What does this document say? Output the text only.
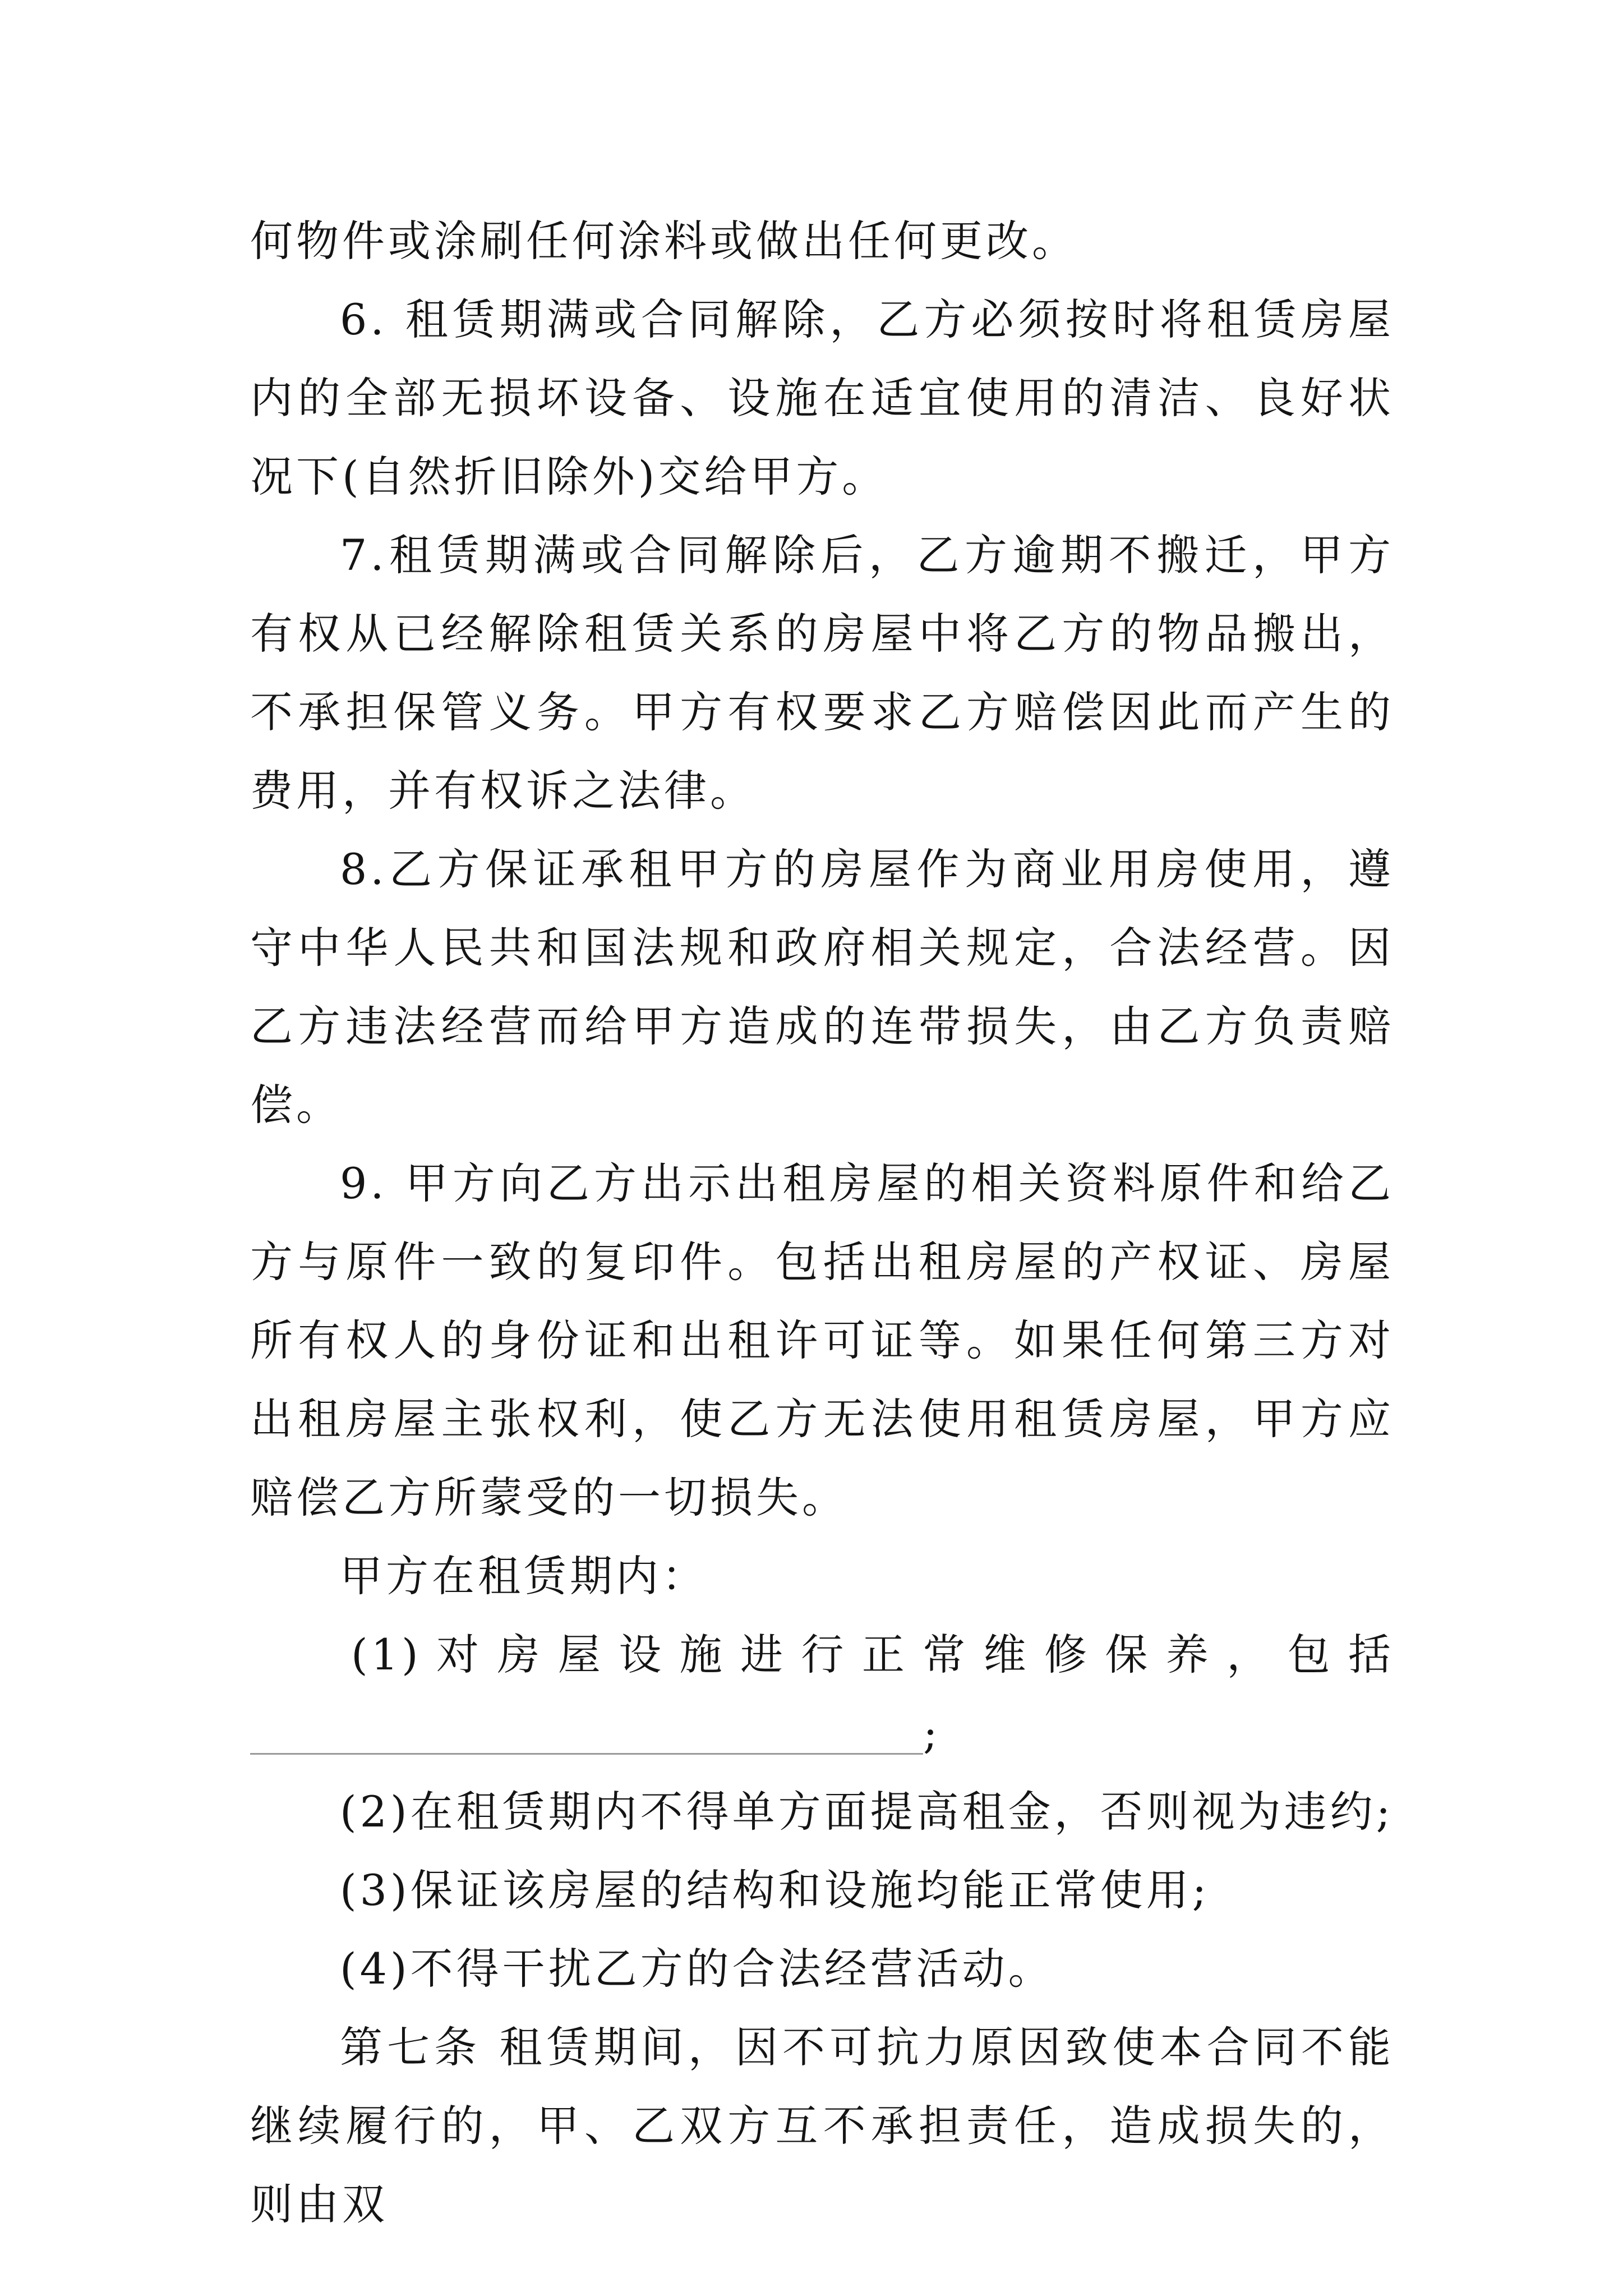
何物件或涂刷任何涂料或做出任何更改。

6. 租赁期满或合同解除，乙方必须按时将租赁房屋内的全部无损坏设备、设施在适宜使用的清洁、良好状况下(自然折旧除外)交给甲方。

7.租赁期满或合同解除后，乙方逾期不搬迁，甲方有权从已经解除租赁关系的房屋中将乙方的物品搬出，不承担保管义务。甲方有权要求乙方赔偿因此而产生的费用，并有权诉之法律。

8.乙方保证承租甲方的房屋作为商业用房使用，遵守中华人民共和国法规和政府相关规定，合法经营。因乙方违法经营而给甲方造成的连带损失，由乙方负责赔偿。

9. 甲方向乙方出示出租房屋的相关资料原件和给乙方与原件一致的复印件。包括出租房屋的产权证、房屋所有权人的身份证和出租许可证等。如果任何第三方对出租房屋主张权利，使乙方无法使用租赁房屋，甲方应赔偿乙方所蒙受的一切损失。

甲方在租赁期内：

(1)对房屋设施进行正常维修保养，包括

;

(2)在租赁期内不得单方面提高租金，否则视为违约;

(3)保证该房屋的结构和设施均能正常使用;

(4)不得干扰乙方的合法经营活动。

第七条 租赁期间，因不可抗力原因致使本合同不能继续履行的，甲、乙双方互不承担责任，造成损失的，则由双
